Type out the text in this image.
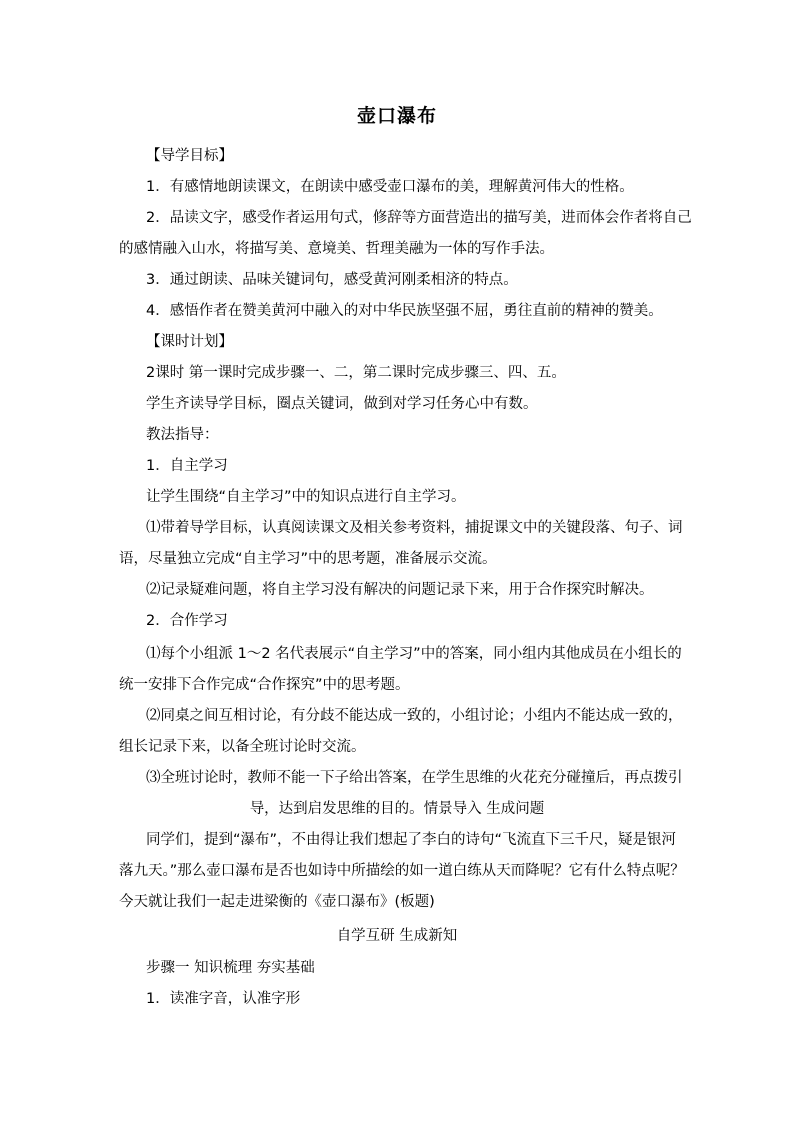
壶口瀑布
【导学目标】
1．有感情地朗读课文，在朗读中感受壶口瀑布的美，理解黄河伟大的性格。
2．品读文字，感受作者运用句式，修辞等方面营造出的描写美，进而体会作者将自己
的感情融入山水，将描写美、意境美、哲理美融为一体的写作手法。
3．通过朗读、品味关键词句，感受黄河刚柔相济的特点。
4．感悟作者在赞美黄河中融入的对中华民族坚强不屈，勇往直前的精神的赞美。
【课时计划】
2课时 第一课时完成步骤一、二，第二课时完成步骤三、四、五。
学生齐读导学目标，圈点关键词，做到对学习任务心中有数。
教法指导：
1．自主学习
让学生围绕“自主学习”中的知识点进行自主学习。
⑴带着导学目标，认真阅读课文及相关参考资料，捕捉课文中的关键段落、句子、词
语，尽量独立完成“自主学习”中的思考题，准备展示交流。
⑵记录疑难问题，将自主学习没有解决的问题记录下来，用于合作探究时解决。
2．合作学习
⑴每个小组派 1～2 名代表展示“自主学习”中的答案，同小组内其他成员在小组长的
统一安排下合作完成“合作探究”中的思考题。
⑵同桌之间互相讨论，有分歧不能达成一致的，小组讨论；小组内不能达成一致的，
组长记录下来，以备全班讨论时交流。
⑶全班讨论时，教师不能一下子给出答案，在学生思维的火花充分碰撞后，再点拨引
导，达到启发思维的目的。情景导入 生成问题
同学们，提到“瀑布”，不由得让我们想起了李白的诗句“飞流直下三千尺，疑是银河
落九天。”那么壶口瀑布是否也如诗中所描绘的如一道白练从天而降呢？它有什么特点呢？
今天就让我们一起走进梁衡的《壶口瀑布》(板题)
自学互研 生成新知
步骤一 知识梳理 夯实基础
1．读准字音，认准字形
